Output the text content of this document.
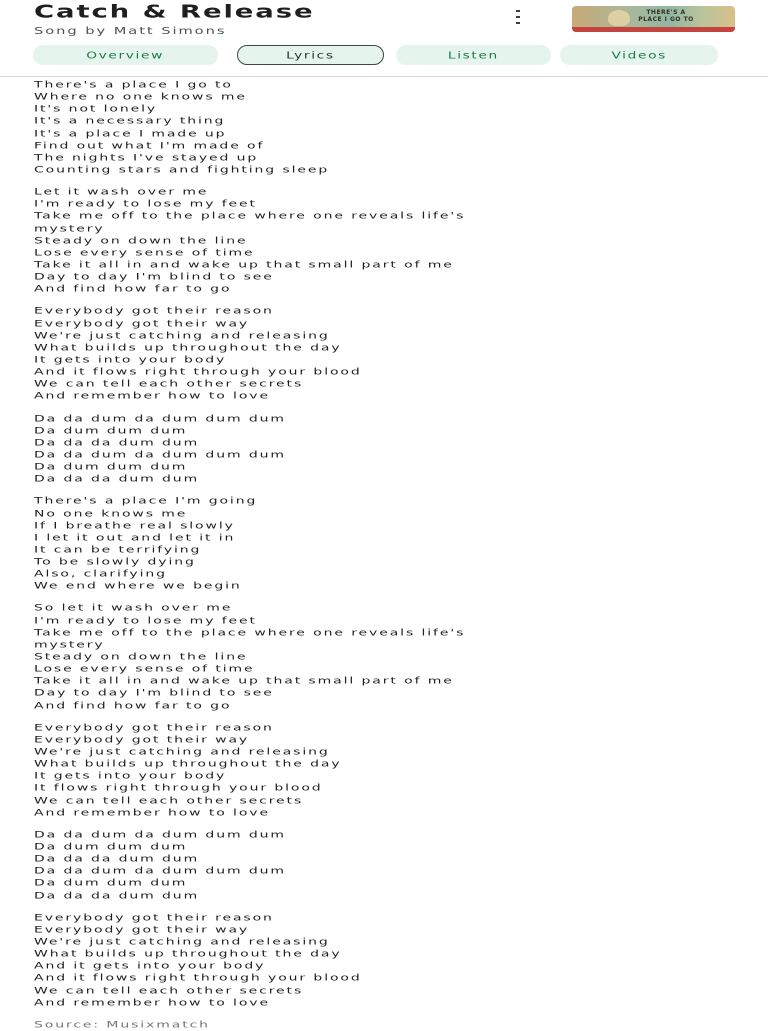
Catch & Release
Song by Matt Simons
THERE'S A PLACE I GO TO
Overview	Lyrics	Listen	Videos
There's a place I go to
Where no one knows me
It's not lonely
It's a necessary thing
It's a place I made up
Find out what I'm made of
The nights I've stayed up
Counting stars and fighting sleep
Let it wash over me
I'm ready to lose my feet
Take me off to the place where one reveals life's
mystery
Steady on down the line
Lose every sense of time
Take it all in and wake up that small part of me
Day to day I'm blind to see
And find how far to go
Everybody got their reason
Everybody got their way
We're just catching and releasing
What builds up throughout the day
It gets into your body
And it flows right through your blood
We can tell each other secrets
And remember how to love
Da da dum da dum dum dum
Da dum dum dum
Da da da dum dum
Da da dum da dum dum dum
Da dum dum dum
Da da da dum dum
There's a place I'm going
No one knows me
If I breathe real slowly
I let it out and let it in
It can be terrifying
To be slowly dying
Also, clarifying
We end where we begin
So let it wash over me
I'm ready to lose my feet
Take me off to the place where one reveals life's
mystery
Steady on down the line
Lose every sense of time
Take it all in and wake up that small part of me
Day to day I'm blind to see
And find how far to go
Everybody got their reason
Everybody got their way
We're just catching and releasing
What builds up throughout the day
It gets into your body
It flows right through your blood
We can tell each other secrets
And remember how to love
Da da dum da dum dum dum
Da dum dum dum
Da da da dum dum
Da da dum da dum dum dum
Da dum dum dum
Da da da dum dum
Everybody got their reason
Everybody got their way
We're just catching and releasing
What builds up throughout the day
And it gets into your body
And it flows right through your blood
We can tell each other secrets
And remember how to love
Source: Musixmatch
